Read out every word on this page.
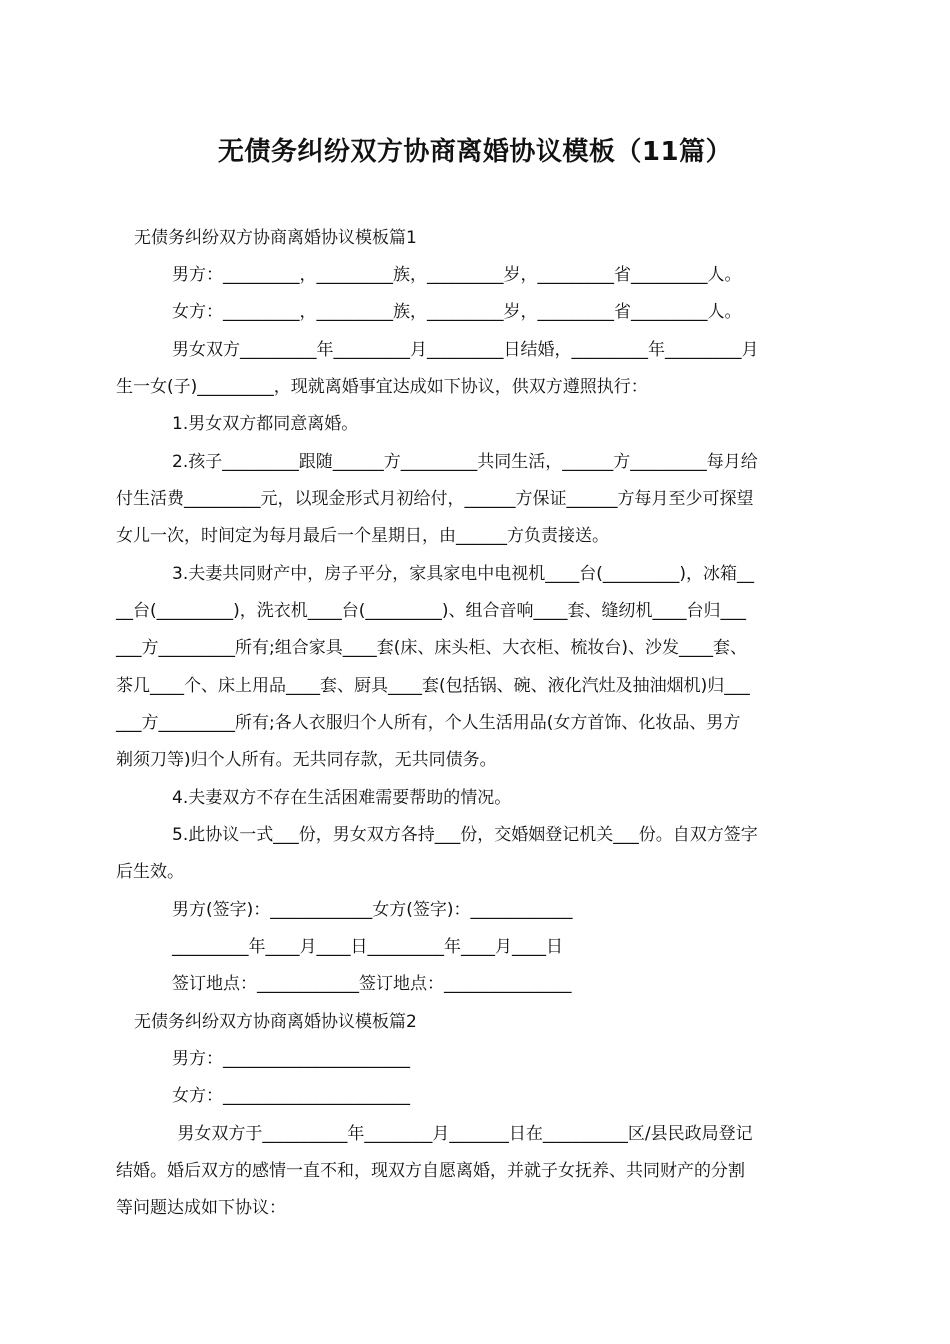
无债务纠纷双方协商离婚协议模板（11篇）
无债务纠纷双方协商离婚协议模板篇1
男方：_________，_________族，_________岁，_________省_________人。
女方：_________，_________族，_________岁，_________省_________人。
男女双方_________年_________月_________日结婚，_________年_________月
生一女(子)_________，现就离婚事宜达成如下协议，供双方遵照执行：
1.男女双方都同意离婚。
2.孩子_________跟随______方_________共同生活，______方_________每月给
付生活费_________元，以现金形式月初给付，______方保证______方每月至少可探望
女儿一次，时间定为每月最后一个星期日，由______方负责接送。
3.夫妻共同财产中，房子平分，家具家电中电视机____台(_________)，冰箱__
__台(_________)，洗衣机____台(_________)、组合音响____套、缝纫机____台归___
___方_________所有;组合家具____套(床、床头柜、大衣柜、梳妆台)、沙发____套、
茶几____个、床上用品____套、厨具____套(包括锅、碗、液化汽灶及抽油烟机)归___
___方_________所有;各人衣服归个人所有，个人生活用品(女方首饰、化妆品、男方
剃须刀等)归个人所有。无共同存款，无共同债务。
4.夫妻双方不存在生活困难需要帮助的情况。
5.此协议一式___份，男女双方各持___份，交婚姻登记机关___份。自双方签字
后生效。
男方(签字)：____________女方(签字)：____________
_________年____月____日_________年____月____日
签订地点：____________签订地点：_______________
无债务纠纷双方协商离婚协议模板篇2
男方：______________________
女方：______________________
男女双方于__________年________月_______日在__________区/县民政局登记
结婚。婚后双方的感情一直不和，现双方自愿离婚，并就子女抚养、共同财产的分割
等问题达成如下协议：
